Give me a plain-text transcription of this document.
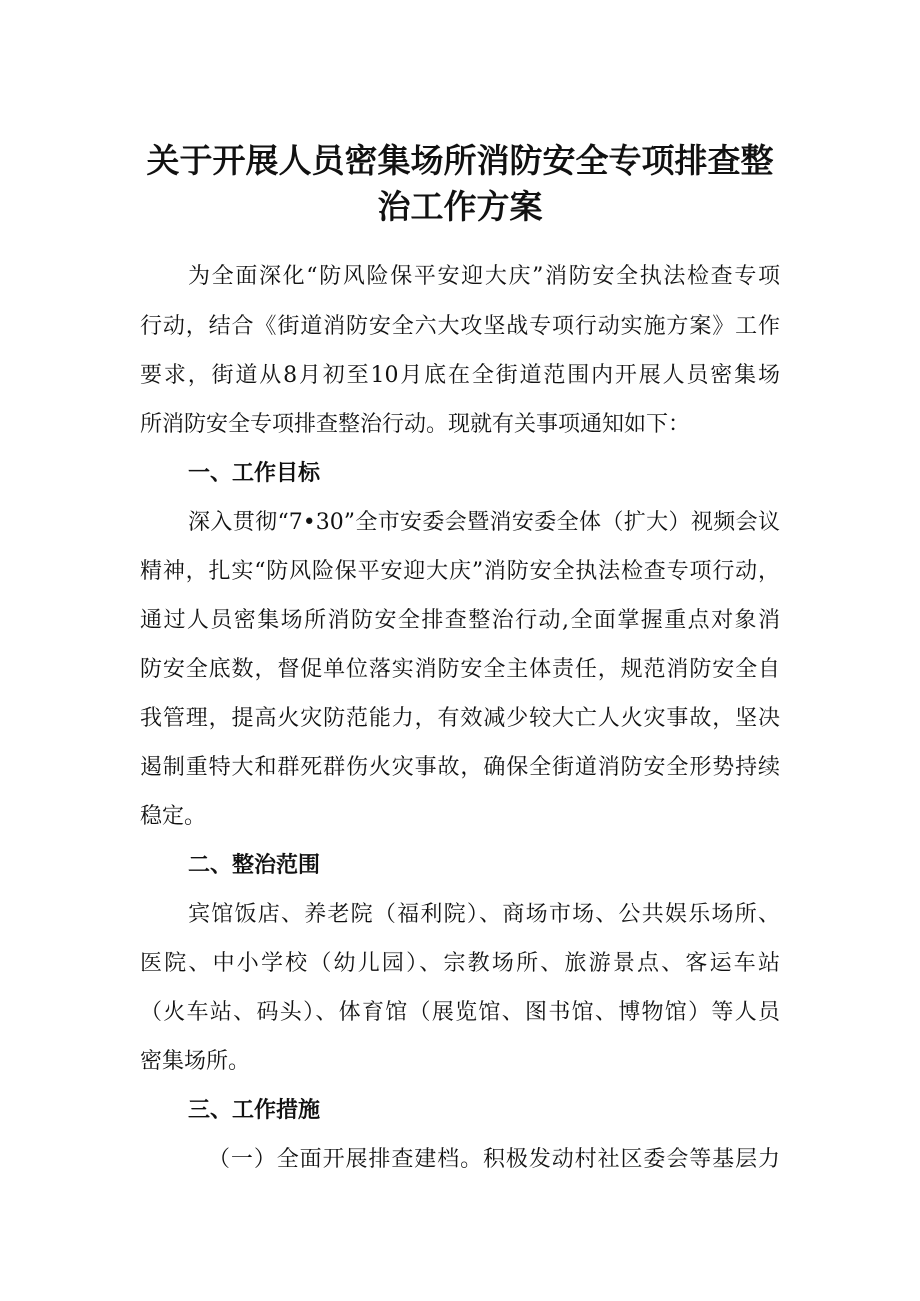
关于开展人员密集场所消防安全专项排查整
治工作方案
为全面深化“防风险保平安迎大庆”消防安全执法检查专项
行动，结合《街道消防安全六大攻坚战专项行动实施方案》工作
要求，街道从8月初至10月底在全街道范围内开展人员密集场
所消防安全专项排查整治行动。现就有关事项通知如下：
一、工作目标
深入贯彻“7•30”全市安委会暨消安委全体（扩大）视频会议
精神，扎实“防风险保平安迎大庆”消防安全执法检查专项行动，
通过人员密集场所消防安全排查整治行动,全面掌握重点对象消
防安全底数，督促单位落实消防安全主体责任，规范消防安全自
我管理，提高火灾防范能力，有效减少较大亡人火灾事故，坚决
遏制重特大和群死群伤火灾事故，确保全街道消防安全形势持续
稳定。
二、整治范围
宾馆饭店、养老院（福利院）、商场市场、公共娱乐场所、
医院、中小学校（幼儿园）、宗教场所、旅游景点、客运车站
（火车站、码头）、体育馆（展览馆、图书馆、博物馆）等人员
密集场所。
三、工作措施
（一）全面开展排查建档。积极发动村社区委会等基层力
